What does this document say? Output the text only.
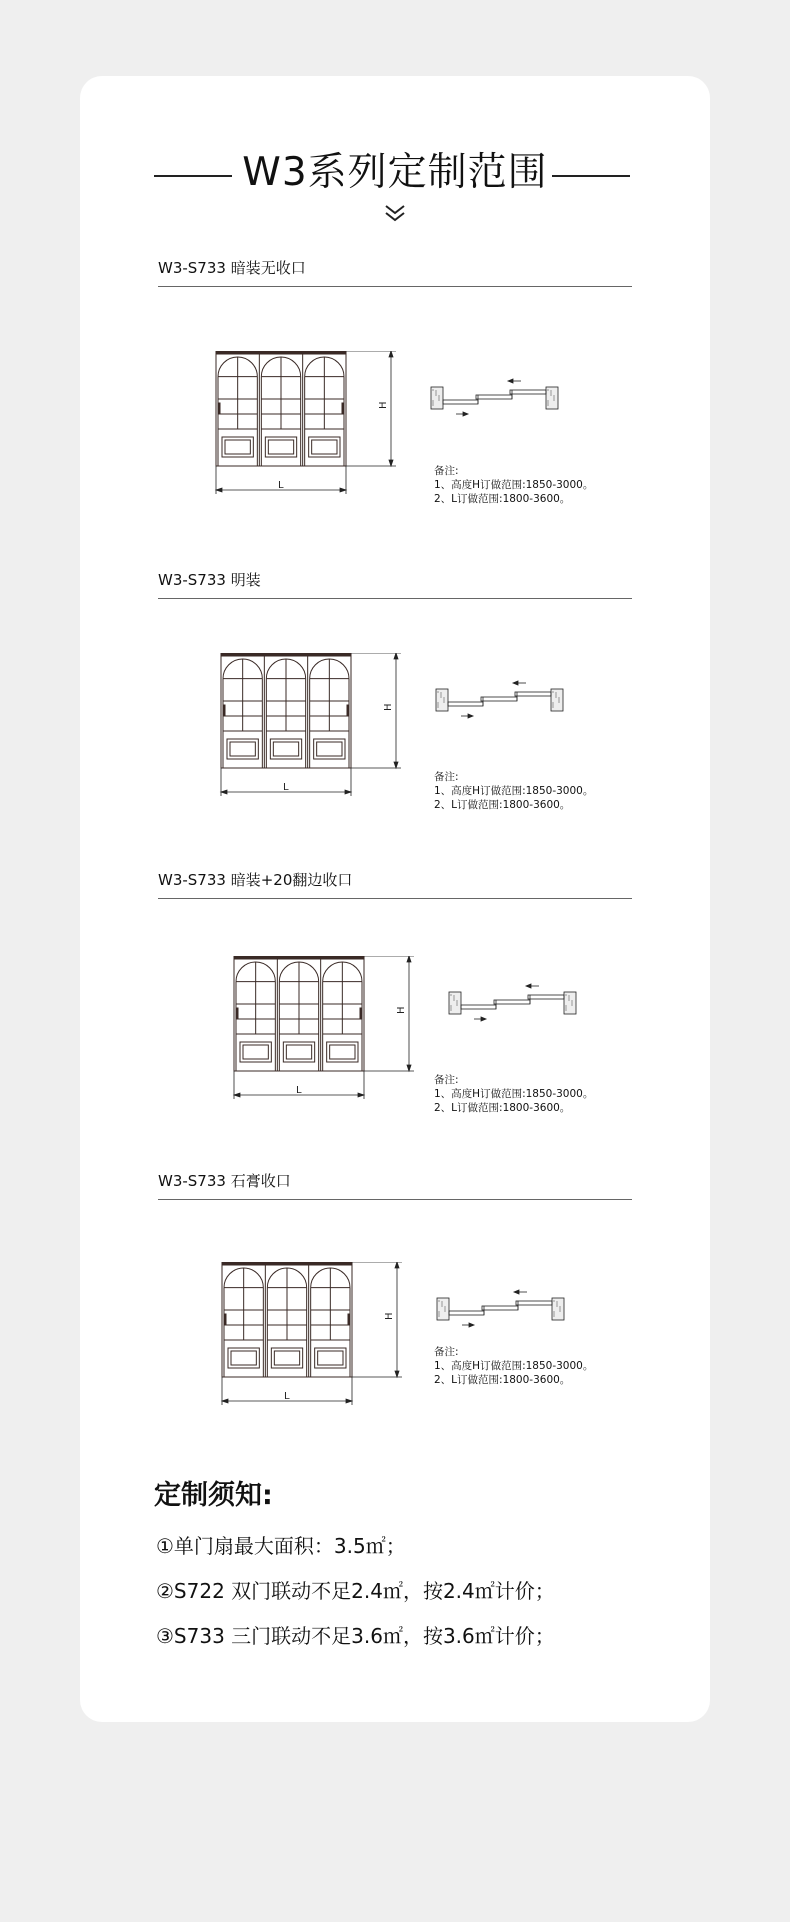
W3系列定制范围
W3-S733 暗装无收口
H
L
备注:
1、高度H订做范围:1850-3000。
2、L订做范围:1800-3600。
W3-S733 明装
H
L
备注:
1、高度H订做范围:1850-3000。
2、L订做范围:1800-3600。
W3-S733 暗装+20翻边收口
H
L
备注:
1、高度H订做范围:1850-3000。
2、L订做范围:1800-3600。
W3-S733 石膏收口
H
L
备注:
1、高度H订做范围:1850-3000。
2、L订做范围:1800-3600。
定制须知:
①单门扇最大面积：3.5㎡；
②S722 双门联动不足2.4㎡，按2.4㎡计价；
③S733 三门联动不足3.6㎡，按3.6㎡计价；
